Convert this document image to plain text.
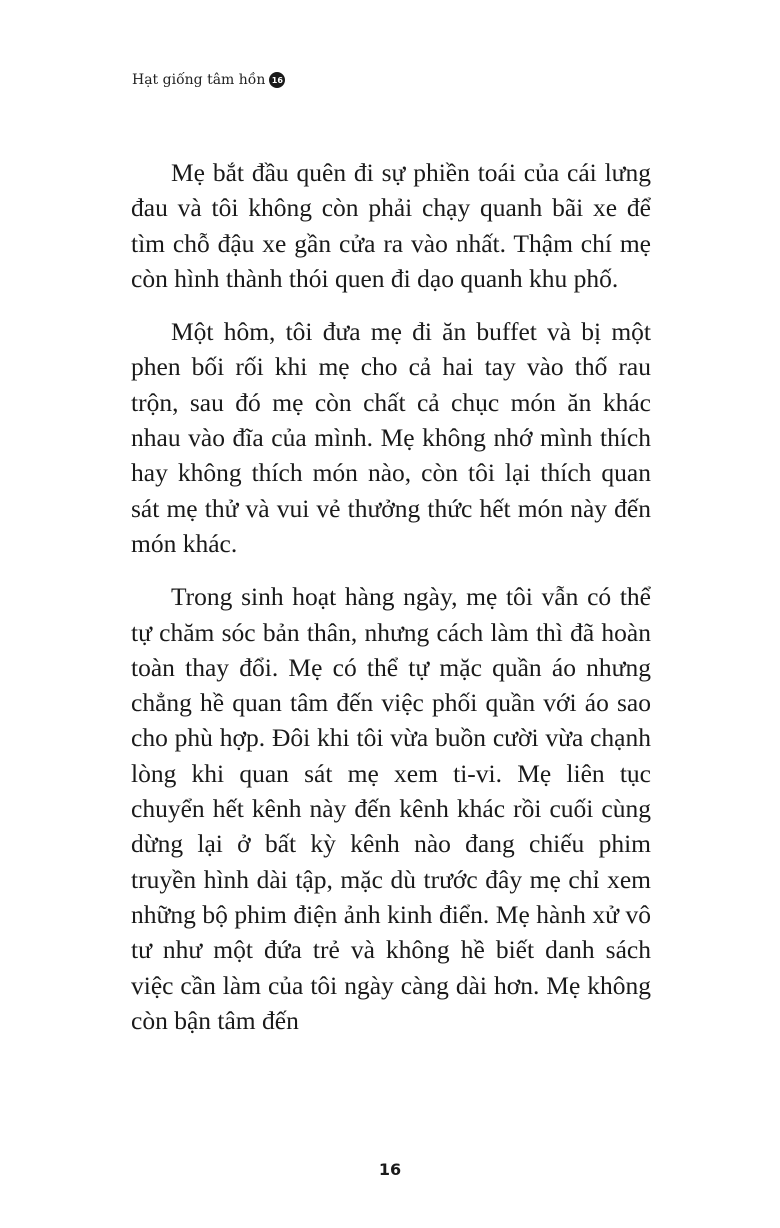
Hạt giống tâm hồn 16

Mẹ bắt đầu quên đi sự phiền toái của cái lưng đau và tôi không còn phải chạy quanh bãi xe để tìm chỗ đậu xe gần cửa ra vào nhất. Thậm chí mẹ còn hình thành thói quen đi dạo quanh khu phố.

Một hôm, tôi đưa mẹ đi ăn buffet và bị một phen bối rối khi mẹ cho cả hai tay vào thố rau trộn, sau đó mẹ còn chất cả chục món ăn khác nhau vào đĩa của mình. Mẹ không nhớ mình thích hay không thích món nào, còn tôi lại thích quan sát mẹ thử và vui vẻ thưởng thức hết món này đến món khác.

Trong sinh hoạt hàng ngày, mẹ tôi vẫn có thể tự chăm sóc bản thân, nhưng cách làm thì đã hoàn toàn thay đổi. Mẹ có thể tự mặc quần áo nhưng chẳng hề quan tâm đến việc phối quần với áo sao cho phù hợp. Đôi khi tôi vừa buồn cười vừa chạnh lòng khi quan sát mẹ xem ti-vi. Mẹ liên tục chuyển hết kênh này đến kênh khác rồi cuối cùng dừng lại ở bất kỳ kênh nào đang chiếu phim truyền hình dài tập, mặc dù trước đây mẹ chỉ xem những bộ phim điện ảnh kinh điển. Mẹ hành xử vô tư như một đứa trẻ và không hề biết danh sách việc cần làm của tôi ngày càng dài hơn. Mẹ không còn bận tâm đến

16
